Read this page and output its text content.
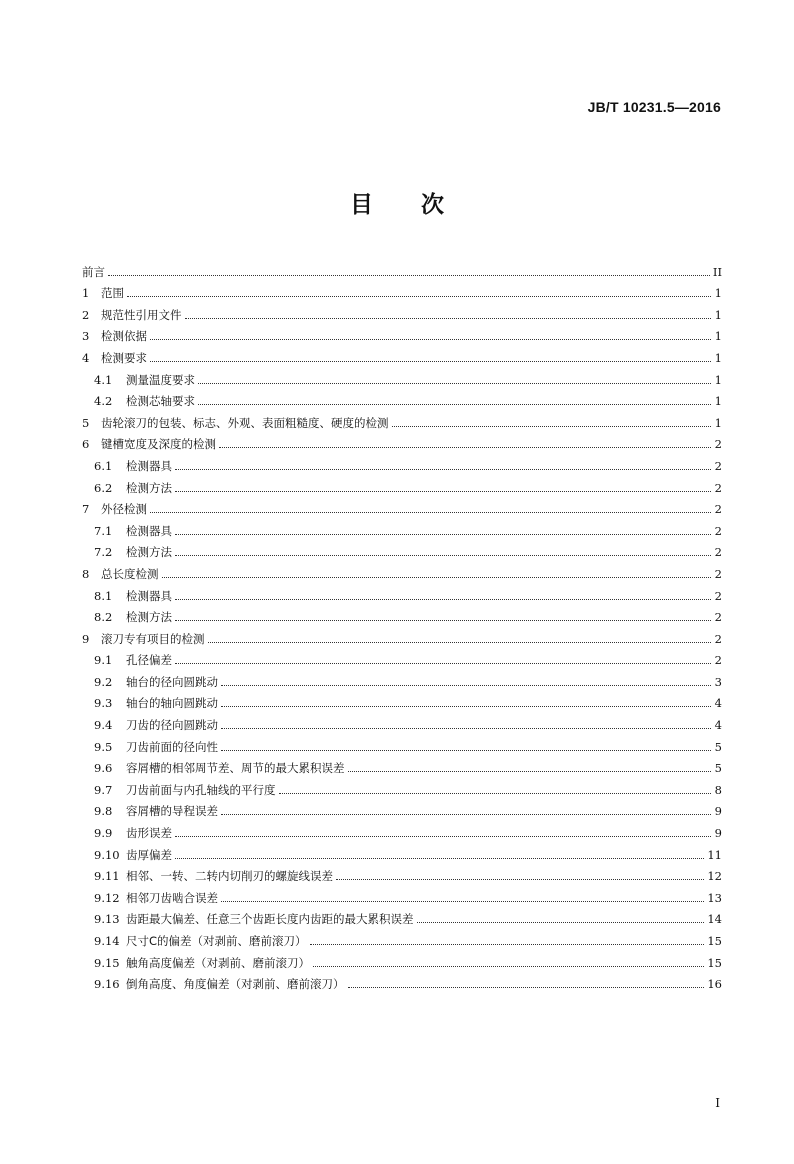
JB/T 10231.5—2016
目 次
前言	II
1	范围	1
2	规范性引用文件	1
3	检测依据	1
4	检测要求	1
4.1	测量温度要求	1
4.2	检测芯轴要求	1
5	齿轮滚刀的包装、标志、外观、表面粗糙度、硬度的检测	1
6	键槽宽度及深度的检测	2
6.1	检测器具	2
6.2	检测方法	2
7	外径检测	2
7.1	检测器具	2
7.2	检测方法	2
8	总长度检测	2
8.1	检测器具	2
8.2	检测方法	2
9	滚刀专有项目的检测	2
9.1	孔径偏差	2
9.2	轴台的径向圆跳动	3
9.3	轴台的轴向圆跳动	4
9.4	刀齿的径向圆跳动	4
9.5	刀齿前面的径向性	5
9.6	容屑槽的相邻周节差、周节的最大累积误差	5
9.7	刀齿前面与内孔轴线的平行度	8
9.8	容屑槽的导程误差	9
9.9	齿形误差	9
9.10 齿厚偏差	11
9.11 相邻、一转、二转内切削刃的螺旋线误差	12
9.12 相邻刀齿啮合误差	13
9.13 齿距最大偏差、任意三个齿距长度内齿距的最大累积误差	14
9.14 尺寸C的偏差（对剥前、磨前滚刀）	15
9.15 触角高度偏差（对剥前、磨前滚刀）	15
9.16 倒角高度、角度偏差（对剥前、磨前滚刀）	16
I
